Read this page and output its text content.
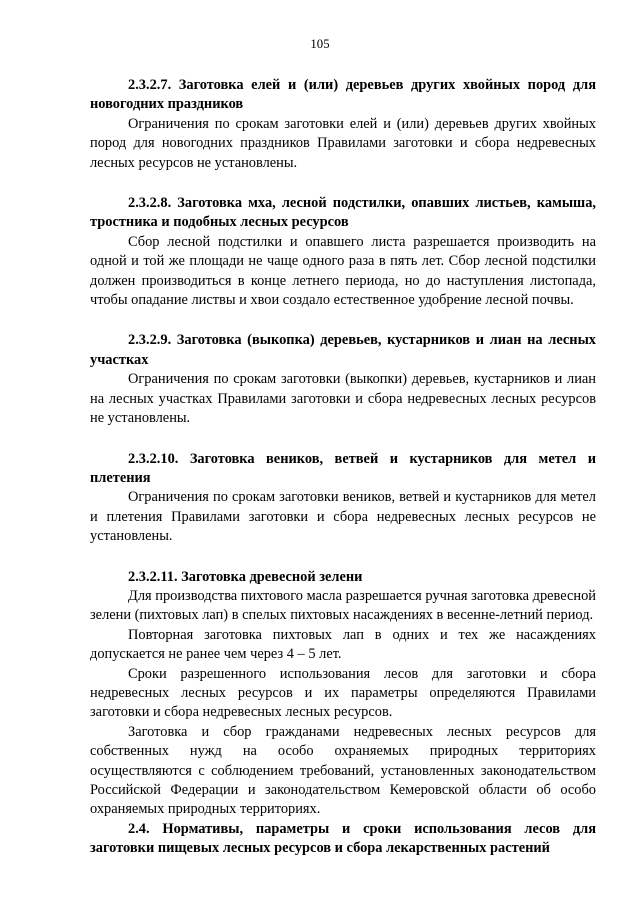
105

2.3.2.7. Заготовка елей и (или) деревьев других хвойных пород для новогодних праздников

Ограничения по срокам заготовки елей и (или) деревьев других хвойных пород для новогодних праздников Правилами заготовки и сбора недревесных лесных ресурсов не установлены.

2.3.2.8. Заготовка мха, лесной подстилки, опавших листьев, камыша, тростника и подобных лесных ресурсов

Сбор лесной подстилки и опавшего листа разрешается производить на одной и той же площади не чаще одного раза в пять лет. Сбор лесной подстилки должен производиться в конце летнего периода, но до наступления листопада, чтобы опадание листвы и хвои создало естественное удобрение лесной почвы.

2.3.2.9. Заготовка (выкопка) деревьев, кустарников и лиан на лесных участках

Ограничения по срокам заготовки (выкопки) деревьев, кустарников и лиан на лесных участках Правилами заготовки и сбора недревесных лесных ресурсов не установлены.

2.3.2.10. Заготовка веников, ветвей и кустарников для метел и плетения

Ограничения по срокам заготовки веников, ветвей и кустарников для метел и плетения Правилами заготовки и сбора недревесных лесных ресурсов не установлены.

2.3.2.11. Заготовка древесной зелени

Для производства пихтового масла разрешается ручная заготовка древесной зелени (пихтовых лап) в спелых пихтовых насаждениях в весенне-летний период.

Повторная заготовка пихтовых лап в одних и тех же насаждениях допускается не ранее чем через 4 – 5 лет.

Сроки разрешенного использования лесов для заготовки и сбора недревесных лесных ресурсов и их параметры определяются Правилами заготовки и сбора недревесных лесных ресурсов.

Заготовка и сбор гражданами недревесных лесных ресурсов для собственных нужд на особо охраняемых природных территориях осуществляются с соблюдением требований, установленных законодательством Российской Федерации и законодательством Кемеровской области об особо охраняемых природных территориях.

2.4. Нормативы, параметры и сроки использования лесов для заготовки пищевых лесных ресурсов и сбора лекарственных растений
